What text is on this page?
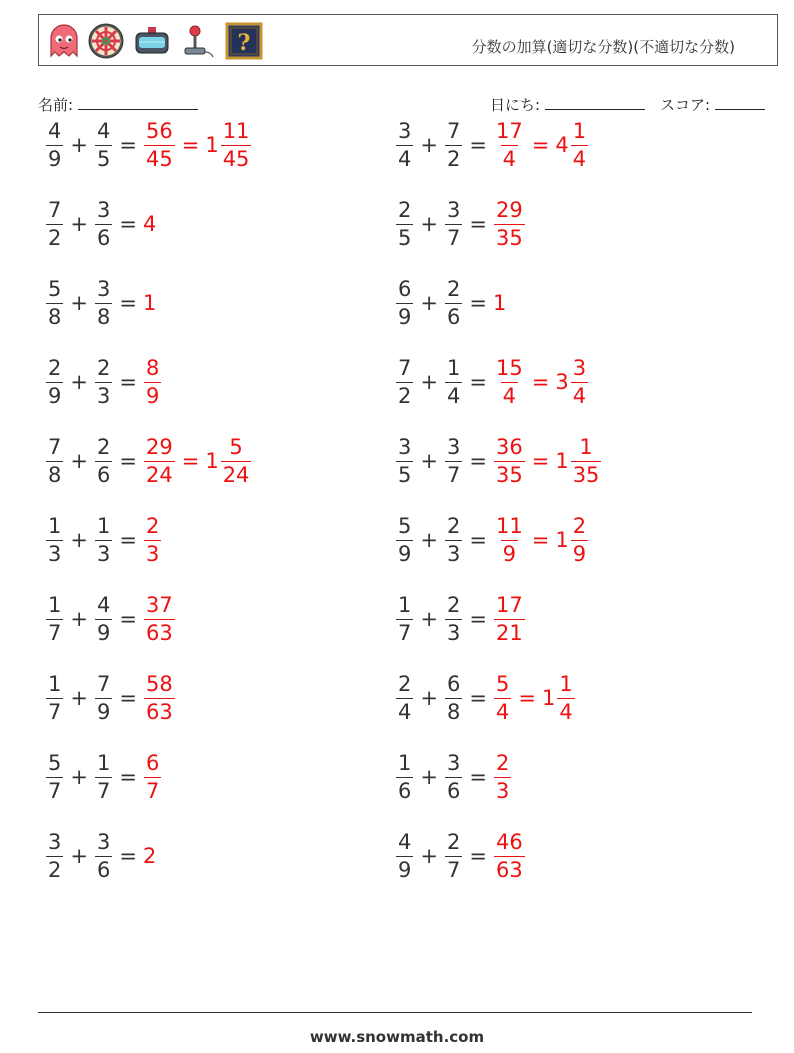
?	分数の加算(適切な分数)(不適切な分数)
名前:	日にち:	スコア:
$\frac{4}{9} + \frac{4}{5} = \frac{56}{45} = 1 \frac{11}{45}$	$\frac{3}{4} + \frac{7}{2} = \frac{17}{4} = 4 \frac{1}{4}$
$\frac{7}{2} + \frac{3}{6} = 4$	$\frac{2}{5} + \frac{3}{7} = \frac{29}{35}$
$\frac{5}{8} + \frac{3}{8} = 1$	$\frac{6}{9} + \frac{2}{6} = 1$
$\frac{2}{9} + \frac{2}{3} = \frac{8}{9}$	$\frac{7}{2} + \frac{1}{4} = \frac{15}{4} = 3 \frac{3}{4}$
$\frac{7}{8} + \frac{2}{6} = \frac{29}{24} = 1 \frac{5}{24}$	$\frac{3}{5} + \frac{3}{7} = \frac{36}{35} = 1 \frac{1}{35}$
$\frac{1}{3} + \frac{1}{3} = \frac{2}{3}$	$\frac{5}{9} + \frac{2}{3} = \frac{11}{9} = 1 \frac{2}{9}$
$\frac{1}{7} + \frac{4}{9} = \frac{37}{63}$	$\frac{1}{7} + \frac{2}{3} = \frac{17}{21}$
$\frac{1}{7} + \frac{7}{9} = \frac{58}{63}$	$\frac{2}{4} + \frac{6}{8} = \frac{5}{4} = 1 \frac{1}{4}$
$\frac{5}{7} + \frac{1}{7} = \frac{6}{7}$	$\frac{1}{6} + \frac{3}{6} = \frac{2}{3}$
$\frac{3}{2} + \frac{3}{6} = 2$	$\frac{4}{9} + \frac{2}{7} = \frac{46}{63}$
www.snowmath.com
